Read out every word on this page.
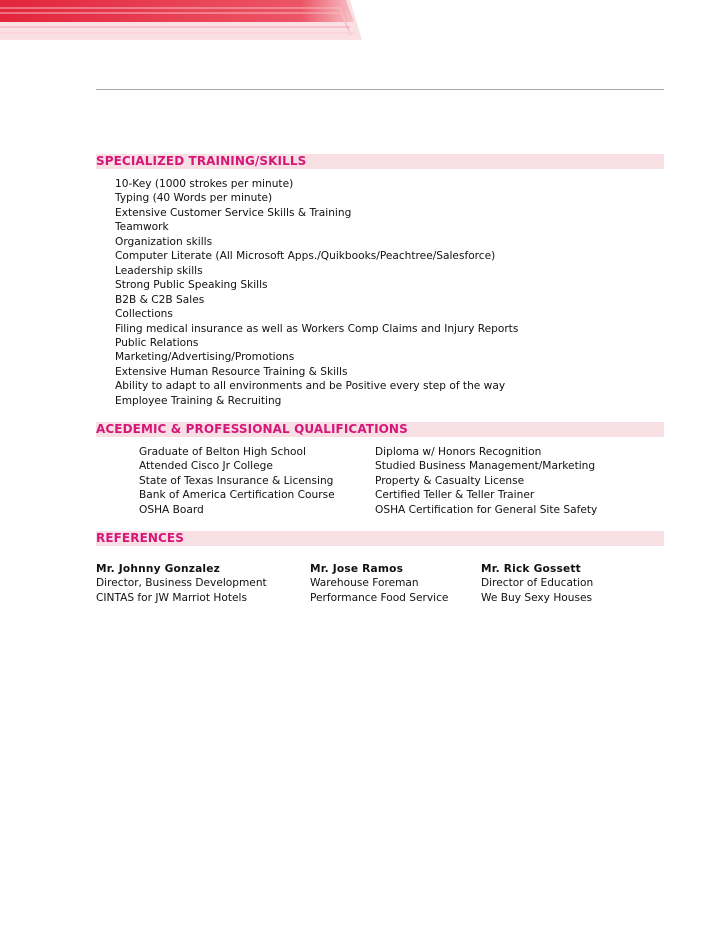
SPECIALIZED TRAINING/SKILLS
10-Key (1000 strokes per minute)
Typing (40 Words per minute)
Extensive Customer Service Skills & Training
Teamwork
Organization skills
Computer Literate (All Microsoft Apps./Quikbooks/Peachtree/Salesforce)
Leadership skills
Strong Public Speaking Skills
B2B & C2B Sales
Collections
Filing medical insurance as well as Workers Comp Claims and Injury Reports
Public Relations
Marketing/Advertising/Promotions
Extensive Human Resource Training & Skills
Ability to adapt to all environments and be Positive every step of the way
Employee Training & Recruiting
ACEDEMIC & PROFESSIONAL QUALIFICATIONS
Graduate of Belton High School
Attended Cisco Jr College
State of Texas Insurance & Licensing
Bank of America Certification Course
OSHA Board
Diploma w/ Honors Recognition
Studied Business Management/Marketing
Property & Casualty License
Certified Teller & Teller Trainer
OSHA Certification for General Site Safety
REFERENCES
Mr. Johnny Gonzalez
Director, Business Development
CINTAS for JW Marriot Hotels
Mr. Jose Ramos
Warehouse Foreman
Performance Food Service
Mr. Rick Gossett
Director of Education
We Buy Sexy Houses
